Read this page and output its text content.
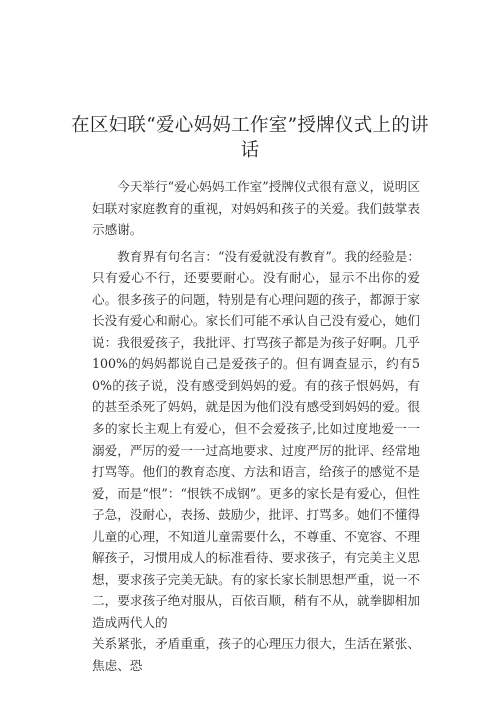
在区妇联“爱心妈妈工作室”授牌仪式上的讲话

今天举行“爱心妈妈工作室”授牌仪式很有意义，说明区妇联对家庭教育的重视，对妈妈和孩子的关爱。我们鼓掌表示感谢。

教育界有句名言：“没有爱就没有教育”。我的经验是：只有爱心不行，还要要耐心。没有耐心，显示不出你的爱心。很多孩子的问题，特别是有心理问题的孩子，都源于家长没有爱心和耐心。家长们可能不承认自己没有爱心，她们说：我很爱孩子，我批评、打骂孩子都是为孩子好啊。几乎100%的妈妈都说自己是爱孩子的。但有调查显示，约有50%的孩子说，没有感受到妈妈的爱。有的孩子恨妈妈，有的甚至杀死了妈妈，就是因为他们没有感受到妈妈的爱。很多的家长主观上有爱心，但不会爱孩子,比如过度地爱一一溺爱，严厉的爱一一过高地要求、过度严厉的批评、经常地打骂等。他们的教育态度、方法和语言，给孩子的感觉不是爱，而是“恨”：“恨铁不成钢”。更多的家长是有爱心，但性子急，没耐心，表扬、鼓励少，批评、打骂多。她们不懂得儿童的心理，不知道儿童需要什么，不尊重、不宽容、不理解孩子，习惯用成人的标准看待、要求孩子，有完美主义思想，要求孩子完美无缺。有的家长家长制思想严重，说一不二，要求孩子绝对服从，百依百顺，稍有不从，就拳脚相加造成两代人的

关系紧张，矛盾重重，孩子的心理压力很大，生活在紧张、焦虑、恐
